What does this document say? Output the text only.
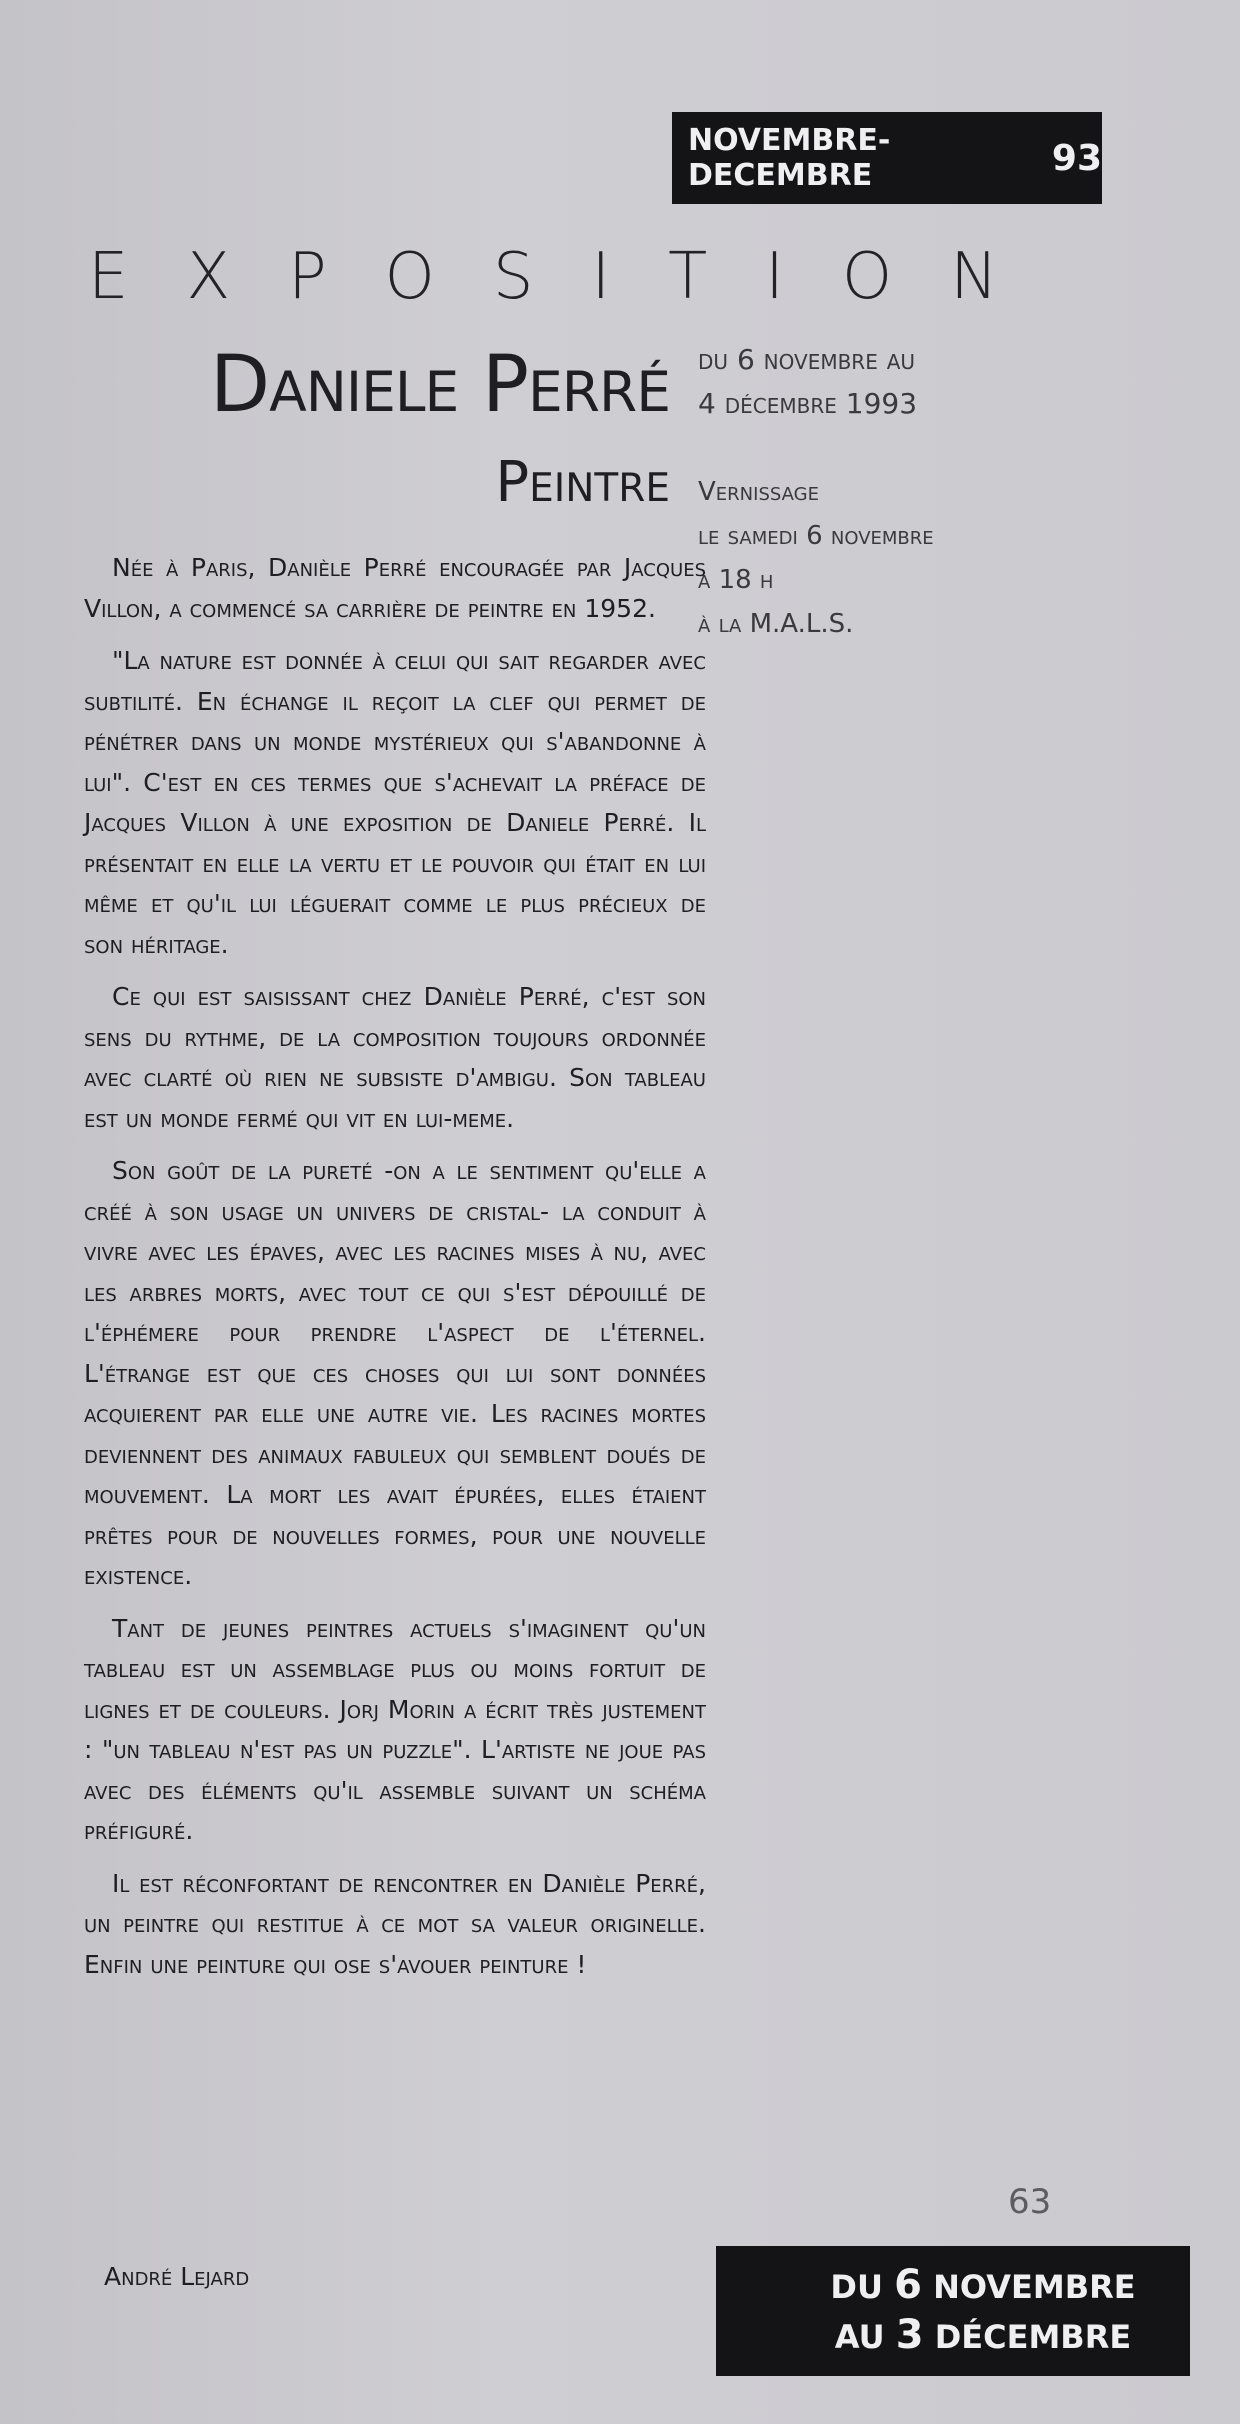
NOVEMBRE-DECEMBRE	93
E X P O S I T I O N
Daniele Perré
Peintre
du 6 novembre au
4 décembre 1993
Vernissage
le samedi 6 novembre
à 18 h
à la M.A.L.S.

Née à Paris, Danièle Perré encouragée par Jacques Villon, a commencé sa carrière de peintre en 1952.

"La nature est donnée à celui qui sait regarder avec subtilité. En échange il reçoit la clef qui permet de pénétrer dans un monde mystérieux qui s'abandonne à lui". C'est en ces termes que s'achevait la préface de Jacques Villon à une exposition de Daniele Perré. Il présentait en elle la vertu et le pouvoir qui était en lui même et qu'il lui léguerait comme le plus précieux de son héritage.

Ce qui est saisissant chez Danièle Perré, c'est son sens du rythme, de la composition toujours ordonnée avec clarté où rien ne subsiste d'ambigu. Son tableau est un monde fermé qui vit en lui-meme.

Son goût de la pureté -on a le sentiment qu'elle a créé à son usage un univers de cristal- la conduit à vivre avec les épaves, avec les racines mises à nu, avec les arbres morts, avec tout ce qui s'est dépouillé de l'éphémere pour prendre l'aspect de l'éternel. L'étrange est que ces choses qui lui sont données acquierent par elle une autre vie. Les racines mortes deviennent des animaux fabuleux qui semblent doués de mouvement. La mort les avait épurées, elles étaient prêtes pour de nouvelles formes, pour une nouvelle existence.

Tant de jeunes peintres actuels s'imaginent qu'un tableau est un assemblage plus ou moins fortuit de lignes et de couleurs. Jorj Morin a écrit très justement : "un tableau n'est pas un puzzle". L'artiste ne joue pas avec des éléments qu'il assemble suivant un schéma préfiguré.

Il est réconfortant de rencontrer en Danièle Perré, un peintre qui restitue à ce mot sa valeur originelle. Enfin une peinture qui ose s'avouer peinture !

André Lejard
63
DU 6 NOVEMBRE
AU 3 DÉCEMBRE
